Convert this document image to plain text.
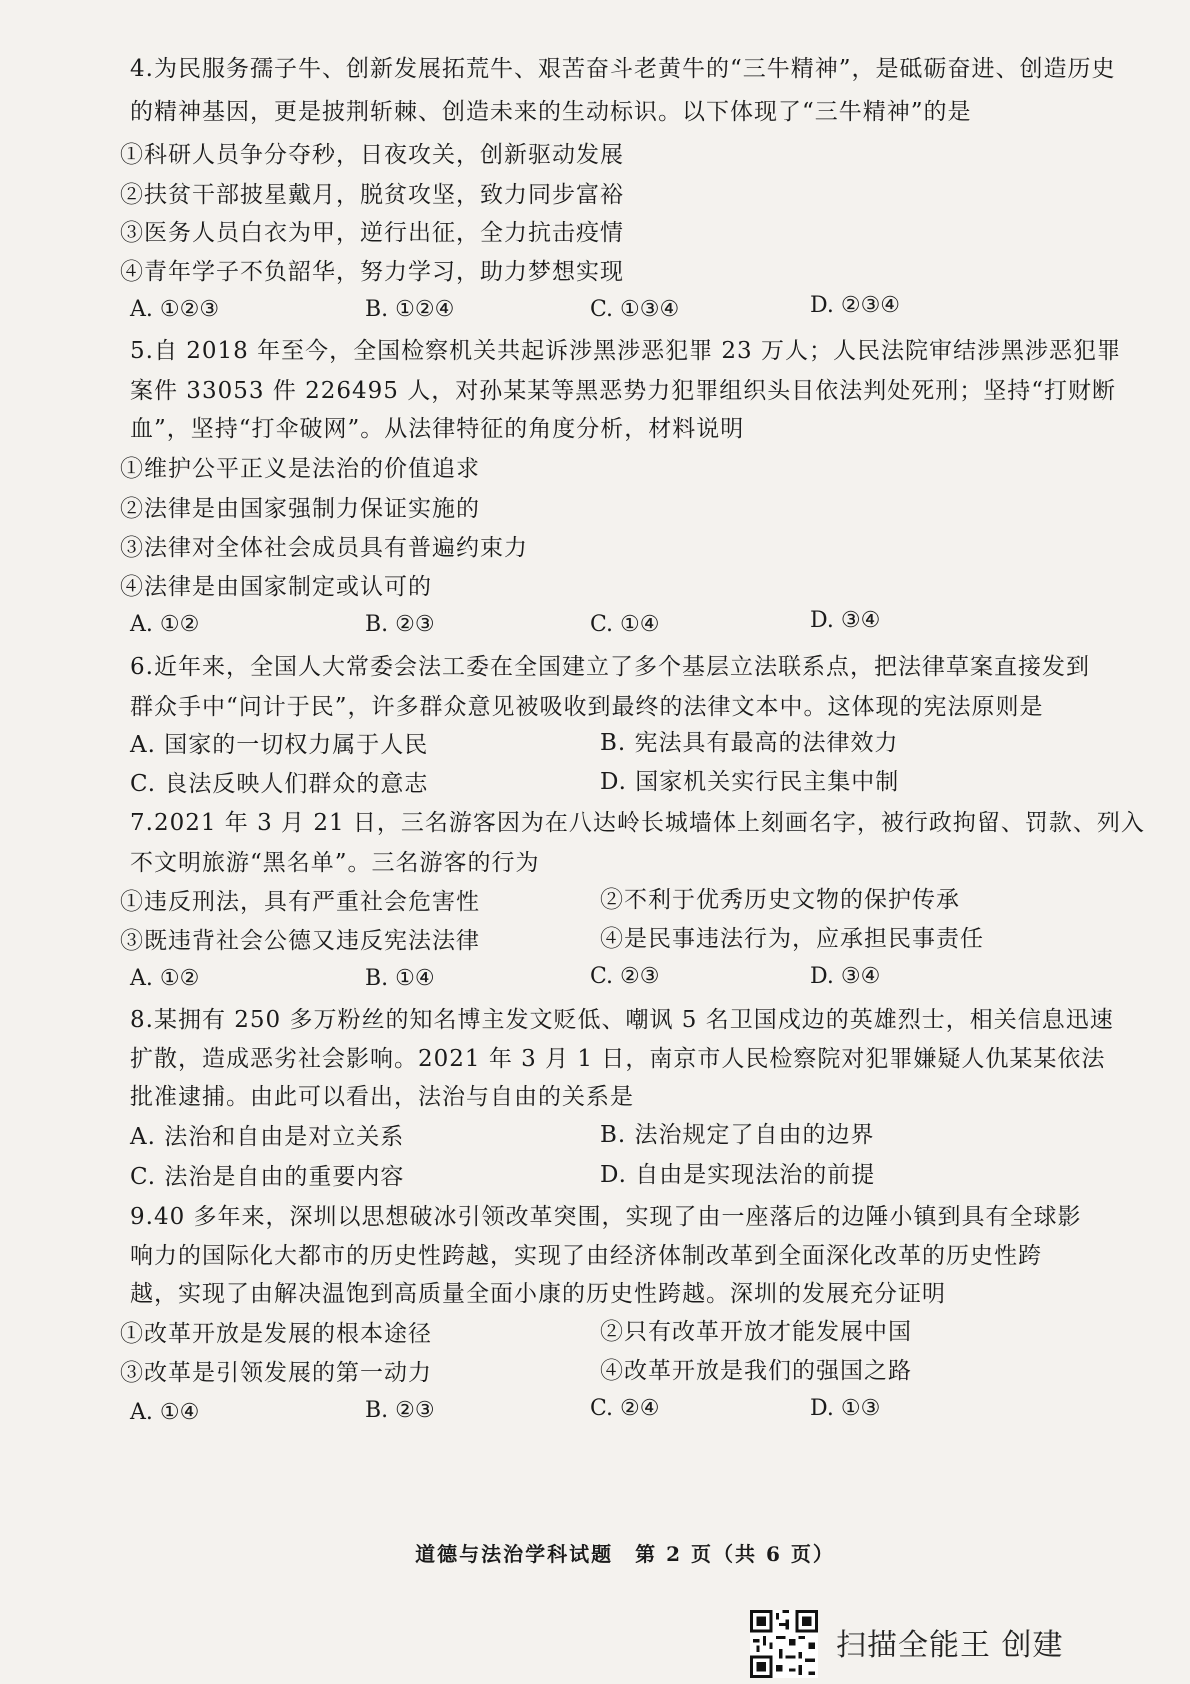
4.为民服务孺子牛、创新发展拓荒牛、艰苦奋斗老黄牛的“三牛精神”，是砥砺奋进、创造历史
的精神基因，更是披荆斩棘、创造未来的生动标识。以下体现了“三牛精神”的是
①科研人员争分夺秒，日夜攻关，创新驱动发展
②扶贫干部披星戴月，脱贫攻坚，致力同步富裕
③医务人员白衣为甲，逆行出征，全力抗击疫情
④青年学子不负韶华，努力学习，助力梦想实现
A. ①②③	B. ①②④	C. ①③④	D. ②③④
5.自 2018 年至今，全国检察机关共起诉涉黑涉恶犯罪 23 万人；人民法院审结涉黑涉恶犯罪
案件 33053 件 226495 人，对孙某某等黑恶势力犯罪组织头目依法判处死刑；坚持“打财断
血”，坚持“打伞破网”。从法律特征的角度分析，材料说明
①维护公平正义是法治的价值追求
②法律是由国家强制力保证实施的
③法律对全体社会成员具有普遍约束力
④法律是由国家制定或认可的
A. ①②	B. ②③	C. ①④	D. ③④
6.近年来，全国人大常委会法工委在全国建立了多个基层立法联系点，把法律草案直接发到
群众手中“问计于民”，许多群众意见被吸收到最终的法律文本中。这体现的宪法原则是
A. 国家的一切权力属于人民	B. 宪法具有最高的法律效力
C. 良法反映人们群众的意志	D. 国家机关实行民主集中制
7.2021 年 3 月 21 日，三名游客因为在八达岭长城墙体上刻画名字，被行政拘留、罚款、列入
不文明旅游“黑名单”。三名游客的行为
①违反刑法，具有严重社会危害性	②不利于优秀历史文物的保护传承
③既违背社会公德又违反宪法法律	④是民事违法行为，应承担民事责任
A. ①②	B. ①④	C. ②③	D. ③④
8.某拥有 250 多万粉丝的知名博主发文贬低、嘲讽 5 名卫国戍边的英雄烈士，相关信息迅速
扩散，造成恶劣社会影响。2021 年 3 月 1 日，南京市人民检察院对犯罪嫌疑人仇某某依法
批准逮捕。由此可以看出，法治与自由的关系是
A. 法治和自由是对立关系	B. 法治规定了自由的边界
C. 法治是自由的重要内容	D. 自由是实现法治的前提
9.40 多年来，深圳以思想破冰引领改革突围，实现了由一座落后的边陲小镇到具有全球影
响力的国际化大都市的历史性跨越，实现了由经济体制改革到全面深化改革的历史性跨
越，实现了由解决温饱到高质量全面小康的历史性跨越。深圳的发展充分证明
①改革开放是发展的根本途径	②只有改革开放才能发展中国
③改革是引领发展的第一动力	④改革开放是我们的强国之路
A. ①④	B. ②③	C. ②④	D. ①③
道德与法治学科试题　第 2 页（共 6 页）
扫描全能王 创建
